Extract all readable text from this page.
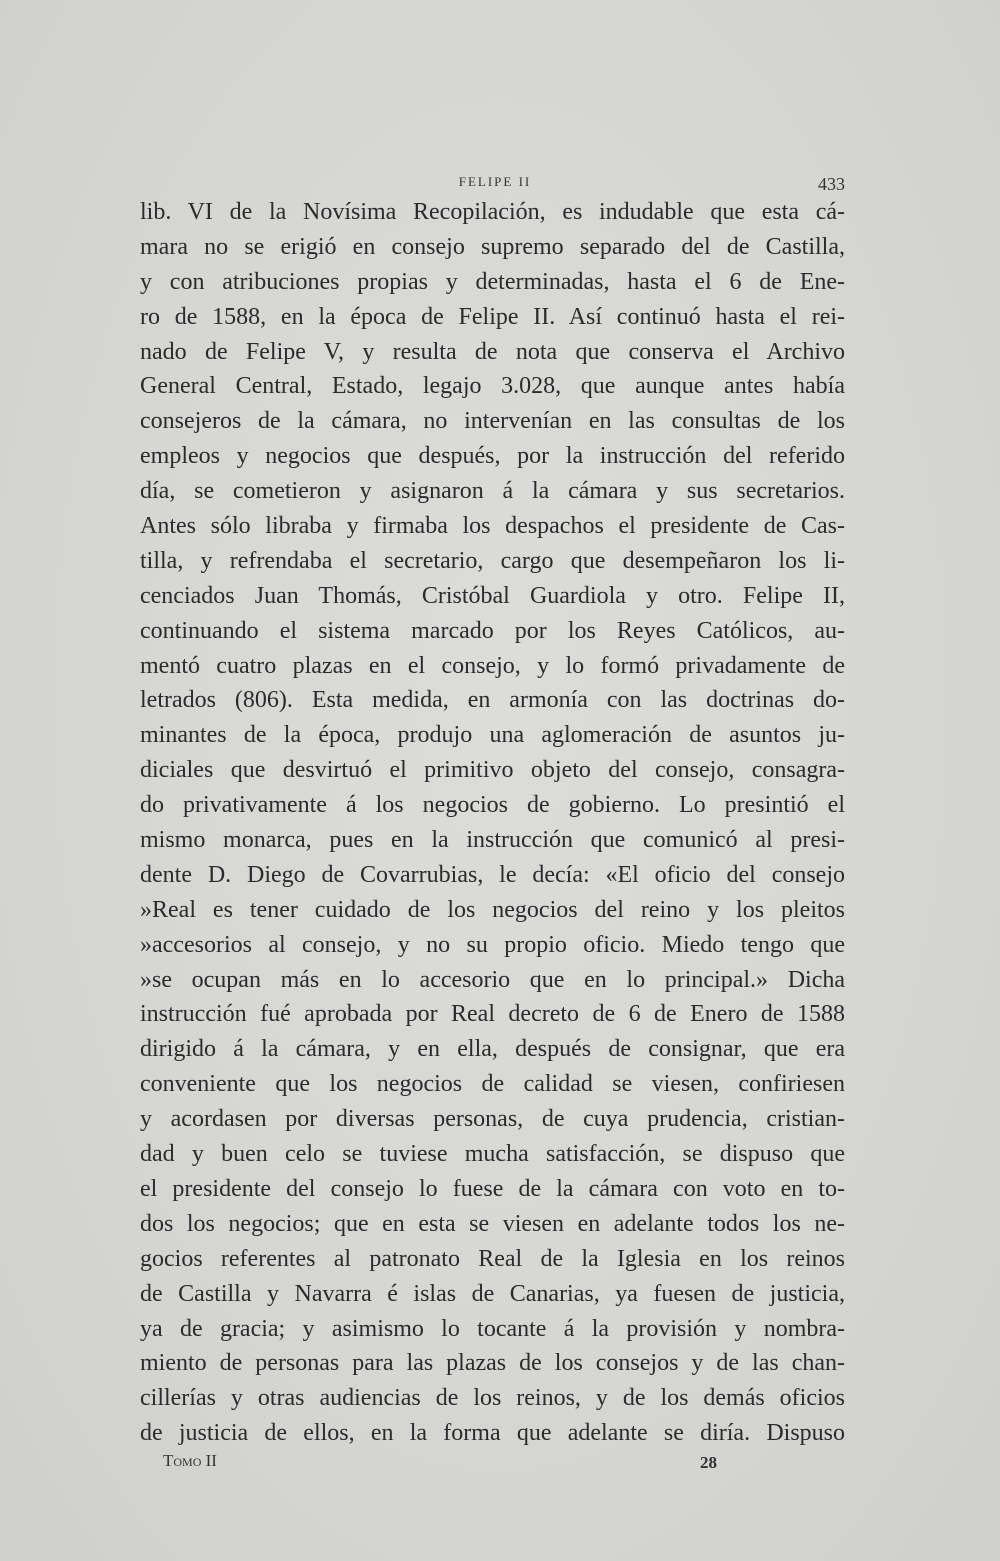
FELIPE II	433
lib. VI de la Novísima Recopilación, es indudable que esta cá-
mara no se erigió en consejo supremo separado del de Castilla,
y con atribuciones propias y determinadas, hasta el 6 de Ene-
ro de 1588, en la época de Felipe II. Así continuó hasta el rei-
nado de Felipe V, y resulta de nota que conserva el Archivo
General Central, Estado, legajo 3.028, que aunque antes había
consejeros de la cámara, no intervenían en las consultas de los
empleos y negocios que después, por la instrucción del referido
día, se cometieron y asignaron á la cámara y sus secretarios.
Antes sólo libraba y firmaba los despachos el presidente de Cas-
tilla, y refrendaba el secretario, cargo que desempeñaron los li-
cenciados Juan Thomás, Cristóbal Guardiola y otro. Felipe II,
continuando el sistema marcado por los Reyes Católicos, au-
mentó cuatro plazas en el consejo, y lo formó privadamente de
letrados (806). Esta medida, en armonía con las doctrinas do-
minantes de la época, produjo una aglomeración de asuntos ju-
diciales que desvirtuó el primitivo objeto del consejo, consagra-
do privativamente á los negocios de gobierno. Lo presintió el
mismo monarca, pues en la instrucción que comunicó al presi-
dente D. Diego de Covarrubias, le decía: «El oficio del consejo
»Real es tener cuidado de los negocios del reino y los pleitos
»accesorios al consejo, y no su propio oficio. Miedo tengo que
»se ocupan más en lo accesorio que en lo principal.» Dicha
instrucción fué aprobada por Real decreto de 6 de Enero de 1588
dirigido á la cámara, y en ella, después de consignar, que era
conveniente que los negocios de calidad se viesen, confiriesen
y acordasen por diversas personas, de cuya prudencia, cristian-
dad y buen celo se tuviese mucha satisfacción, se dispuso que
el presidente del consejo lo fuese de la cámara con voto en to-
dos los negocios; que en esta se viesen en adelante todos los ne-
gocios referentes al patronato Real de la Iglesia en los reinos
de Castilla y Navarra é islas de Canarias, ya fuesen de justicia,
ya de gracia; y asimismo lo tocante á la provisión y nombra-
miento de personas para las plazas de los consejos y de las chan-
cillerías y otras audiencias de los reinos, y de los demás oficios
de justicia de ellos, en la forma que adelante se diría. Dispuso
Tomo II	28
